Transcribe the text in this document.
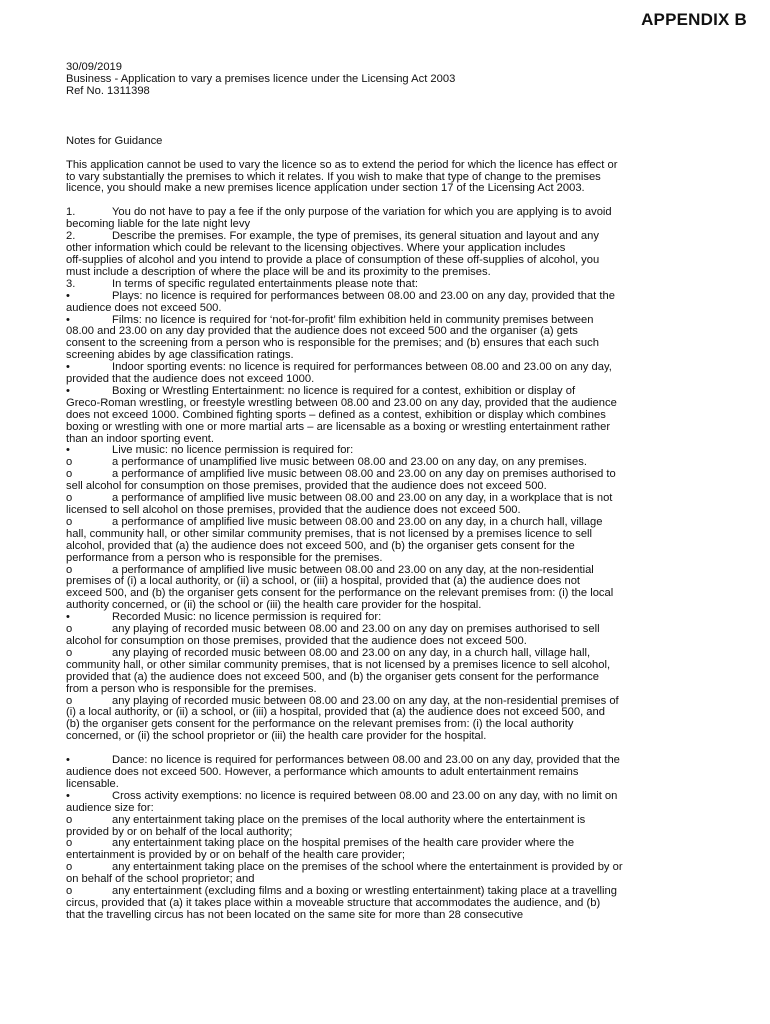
APPENDIX B
30/09/2019
Business - Application to vary a premises licence under the Licensing Act 2003
Ref No. 1311398
Notes for Guidance
This application cannot be used to vary the licence so as to extend the period for which the licence has effect or
to vary substantially the premises to which it relates. If you wish to make that type of change to the premises
licence, you should make a new premises licence application under section 17 of the Licensing Act 2003.
1.	You do not have to pay a fee if the only purpose of the variation for which you are applying is to avoid
becoming liable for the late night levy
2.	Describe the premises. For example, the type of premises, its general situation and layout and any
other information which could be relevant to the licensing objectives. Where your application includes
off-supplies of alcohol and you intend to provide a place of consumption of these off-supplies of alcohol, you
must include a description of where the place will be and its proximity to the premises.
3.	In terms of specific regulated entertainments please note that:
•	Plays: no licence is required for performances between 08.00 and 23.00 on any day, provided that the
audience does not exceed 500.
•	Films: no licence is required for ‘not-for-profit’ film exhibition held in community premises between
08.00 and 23.00 on any day provided that the audience does not exceed 500 and the organiser (a) gets
consent to the screening from a person who is responsible for the premises; and (b) ensures that each such
screening abides by age classification ratings.
•	Indoor sporting events: no licence is required for performances between 08.00 and 23.00 on any day,
provided that the audience does not exceed 1000.
•	Boxing or Wrestling Entertainment: no licence is required for a contest, exhibition or display of
Greco-Roman wrestling, or freestyle wrestling between 08.00 and 23.00 on any day, provided that the audience
does not exceed 1000. Combined fighting sports – defined as a contest, exhibition or display which combines
boxing or wrestling with one or more martial arts – are licensable as a boxing or wrestling entertainment rather
than an indoor sporting event.
•	Live music: no licence permission is required for:
o	a performance of unamplified live music between 08.00 and 23.00 on any day, on any premises.
o	a performance of amplified live music between 08.00 and 23.00 on any day on premises authorised to
sell alcohol for consumption on those premises, provided that the audience does not exceed 500.
o	a performance of amplified live music between 08.00 and 23.00 on any day, in a workplace that is not
licensed to sell alcohol on those premises, provided that the audience does not exceed 500.
o	a performance of amplified live music between 08.00 and 23.00 on any day, in a church hall, village
hall, community hall, or other similar community premises, that is not licensed by a premises licence to sell
alcohol, provided that (a) the audience does not exceed 500, and (b) the organiser gets consent for the
performance from a person who is responsible for the premises.
o	a performance of amplified live music between 08.00 and 23.00 on any day, at the non-residential
premises of (i) a local authority, or (ii) a school, or (iii) a hospital, provided that (a) the audience does not
exceed 500, and (b) the organiser gets consent for the performance on the relevant premises from: (i) the local
authority concerned, or (ii) the school or (iii) the health care provider for the hospital.
•	Recorded Music: no licence permission is required for:
o	any playing of recorded music between 08.00 and 23.00 on any day on premises authorised to sell
alcohol for consumption on those premises, provided that the audience does not exceed 500.
o	any playing of recorded music between 08.00 and 23.00 on any day, in a church hall, village hall,
community hall, or other similar community premises, that is not licensed by a premises licence to sell alcohol,
provided that (a) the audience does not exceed 500, and (b) the organiser gets consent for the performance
from a person who is responsible for the premises.
o	any playing of recorded music between 08.00 and 23.00 on any day, at the non-residential premises of
(i) a local authority, or (ii) a school, or (iii) a hospital, provided that (a) the audience does not exceed 500, and
(b) the organiser gets consent for the performance on the relevant premises from: (i) the local authority
concerned, or (ii) the school proprietor or (iii) the health care provider for the hospital.
•	Dance: no licence is required for performances between 08.00 and 23.00 on any day, provided that the
audience does not exceed 500. However, a performance which amounts to adult entertainment remains
licensable.
•	Cross activity exemptions: no licence is required between 08.00 and 23.00 on any day, with no limit on
audience size for:
o	any entertainment taking place on the premises of the local authority where the entertainment is
provided by or on behalf of the local authority;
o	any entertainment taking place on the hospital premises of the health care provider where the
entertainment is provided by or on behalf of the health care provider;
o	any entertainment taking place on the premises of the school where the entertainment is provided by or
on behalf of the school proprietor; and
o	any entertainment (excluding films and a boxing or wrestling entertainment) taking place at a travelling
circus, provided that (a) it takes place within a moveable structure that accommodates the audience, and (b)
that the travelling circus has not been located on the same site for more than 28 consecutive
